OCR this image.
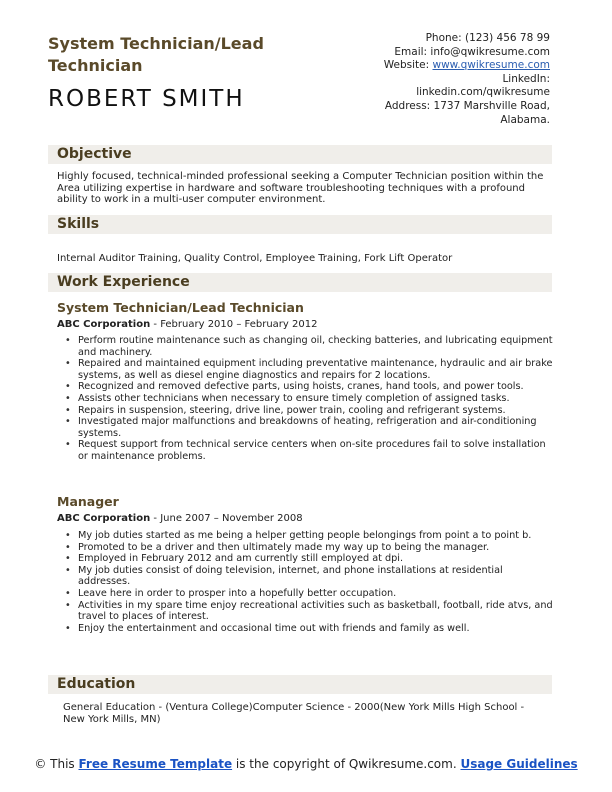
System Technician/Lead Technician
ROBERT SMITH
Phone: (123) 456 78 99
Email: info@qwikresume.com
Website: www.qwikresume.com
LinkedIn:
linkedin.com/qwikresume
Address: 1737 Marshville Road,
Alabama.
Objective
Highly focused, technical-minded professional seeking a Computer Technician position within the Area utilizing expertise in hardware and software troubleshooting techniques with a profound ability to work in a multi-user computer environment.
Skills
Internal Auditor Training, Quality Control, Employee Training, Fork Lift Operator
Work Experience
System Technician/Lead Technician
ABC Corporation - February 2010 – February 2012
• Perform routine maintenance such as changing oil, checking batteries, and lubricating equipment and machinery.
• Repaired and maintained equipment including preventative maintenance, hydraulic and air brake systems, as well as diesel engine diagnostics and repairs for 2 locations.
• Recognized and removed defective parts, using hoists, cranes, hand tools, and power tools.
• Assists other technicians when necessary to ensure timely completion of assigned tasks.
• Repairs in suspension, steering, drive line, power train, cooling and refrigerant systems.
• Investigated major malfunctions and breakdowns of heating, refrigeration and air-conditioning systems.
• Request support from technical service centers when on-site procedures fail to solve installation or maintenance problems.
Manager
ABC Corporation - June 2007 – November 2008
• My job duties started as me being a helper getting people belongings from point a to point b.
• Promoted to be a driver and then ultimately made my way up to being the manager.
• Employed in February 2012 and am currently still employed at dpi.
• My job duties consist of doing television, internet, and phone installations at residential addresses.
• Leave here in order to prosper into a hopefully better occupation.
• Activities in my spare time enjoy recreational activities such as basketball, football, ride atvs, and travel to places of interest.
• Enjoy the entertainment and occasional time out with friends and family as well.
Education
General Education - (Ventura College)Computer Science - 2000(New York Mills High School - New York Mills, MN)
© This Free Resume Template is the copyright of Qwikresume.com. Usage Guidelines
